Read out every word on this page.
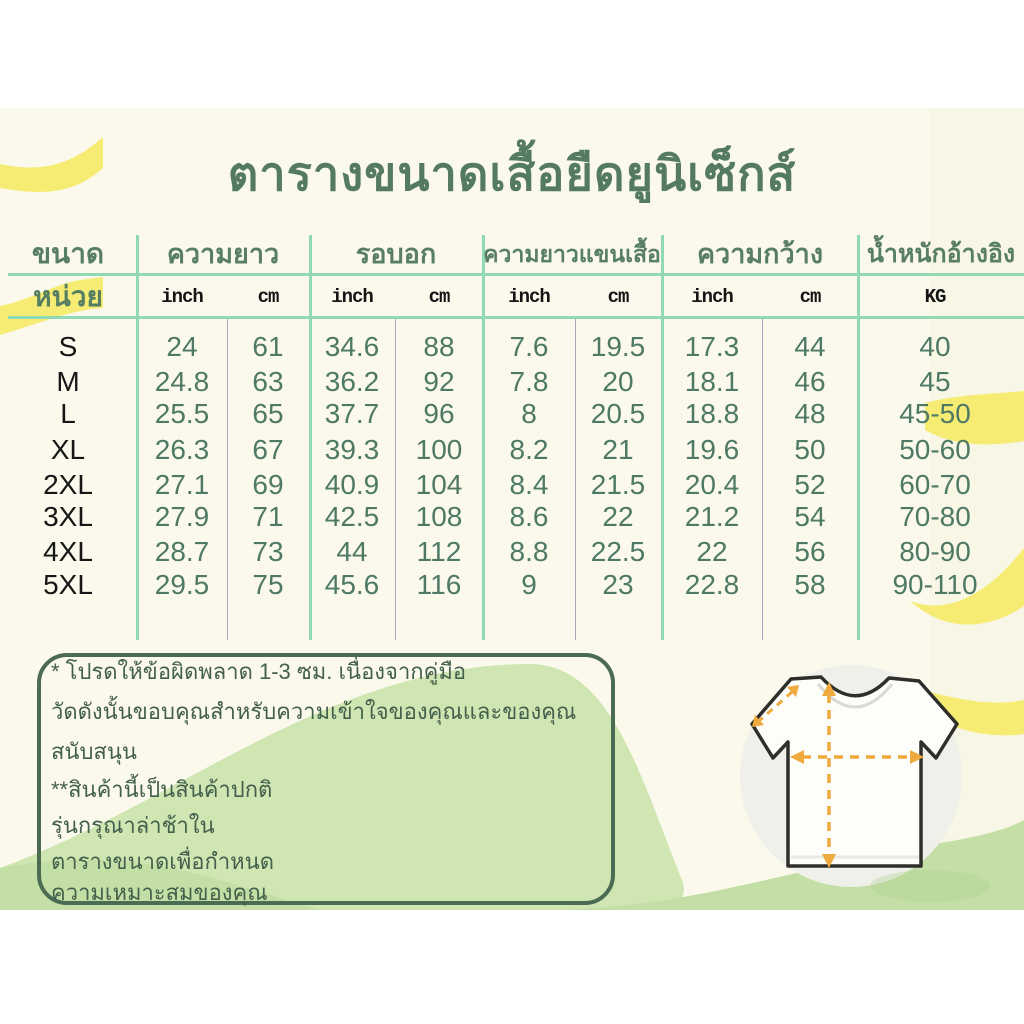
ตารางขนาดเสื้อยืดยูนิเซ็กส์
ขนาด	ความยาว	รอบอก	ความยาวแขนเสื้อ	ความกว้าง	น้ำหนักอ้างอิง
หน่วย	inch	cm	inch	cm	inch	cm	inch	cm	KG
S	24	61	34.6	88	7.6	19.5	17.3	44	40
M	24.8	63	36.2	92	7.8	20	18.1	46	45
L	25.5	65	37.7	96	8	20.5	18.8	48	45-50
XL	26.3	67	39.3	100	8.2	21	19.6	50	50-60
2XL	27.1	69	40.9	104	8.4	21.5	20.4	52	60-70
3XL	27.9	71	42.5	108	8.6	22	21.2	54	70-80
4XL	28.7	73	44	112	8.8	22.5	22	56	80-90
5XL	29.5	75	45.6	116	9	23	22.8	58	90-110
* โปรดให้ข้อผิดพลาด 1-3 ซม. เนื่องจากคู่มือ
วัดดังนั้นขอบคุณสำหรับความเข้าใจของคุณและของคุณ
สนับสนุน
**สินค้านี้เป็นสินค้าปกติ
รุ่นกรุณาล่าช้าใน
ตารางขนาดเพื่อกำหนด
ความเหมาะสมของคุณ
